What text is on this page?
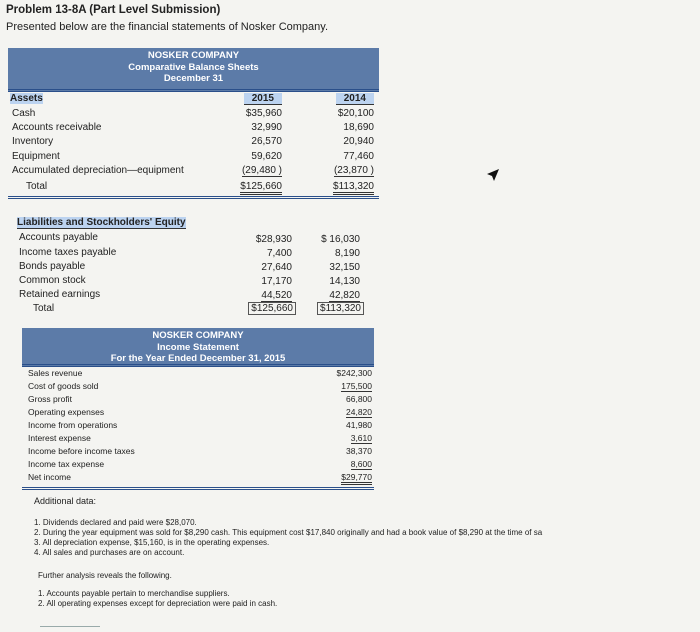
Problem 13-8A (Part Level Submission)
Presented below are the financial statements of Nosker Company.
NOSKER COMPANY
Comparative Balance Sheets
December 31
Assets	2015	2014
Cash	$35,960	$20,100
Accounts receivable	32,990	18,690
Inventory	26,570	20,940
Equipment	59,620	77,460
Accumulated depreciation—equipment	(29,480 )	(23,870 )
Total	$125,660	$113,320
Liabilities and Stockholders' Equity
Accounts payable	$28,930	$ 16,030
Income taxes payable	7,400	8,190
Bonds payable	27,640	32,150
Common stock	17,170	14,130
Retained earnings	44,520	42,820
Total	$125,660	$113,320
NOSKER COMPANY
Income Statement
For the Year Ended December 31, 2015
Sales revenue	$242,300
Cost of goods sold	175,500
Gross profit	66,800
Operating expenses	24,820
Income from operations	41,980
Interest expense	3,610
Income before income taxes	38,370
Income tax expense	8,600
Net income	$29,770
Additional data:
1. Dividends declared and paid were $28,070.
2. During the year equipment was sold for $8,290 cash. This equipment cost $17,840 originally and had a book value of $8,290 at the time of sa
3. All depreciation expense, $15,160, is in the operating expenses.
4. All sales and purchases are on account.
Further analysis reveals the following.
1. Accounts payable pertain to merchandise suppliers.
2. All operating expenses except for depreciation were paid in cash.
